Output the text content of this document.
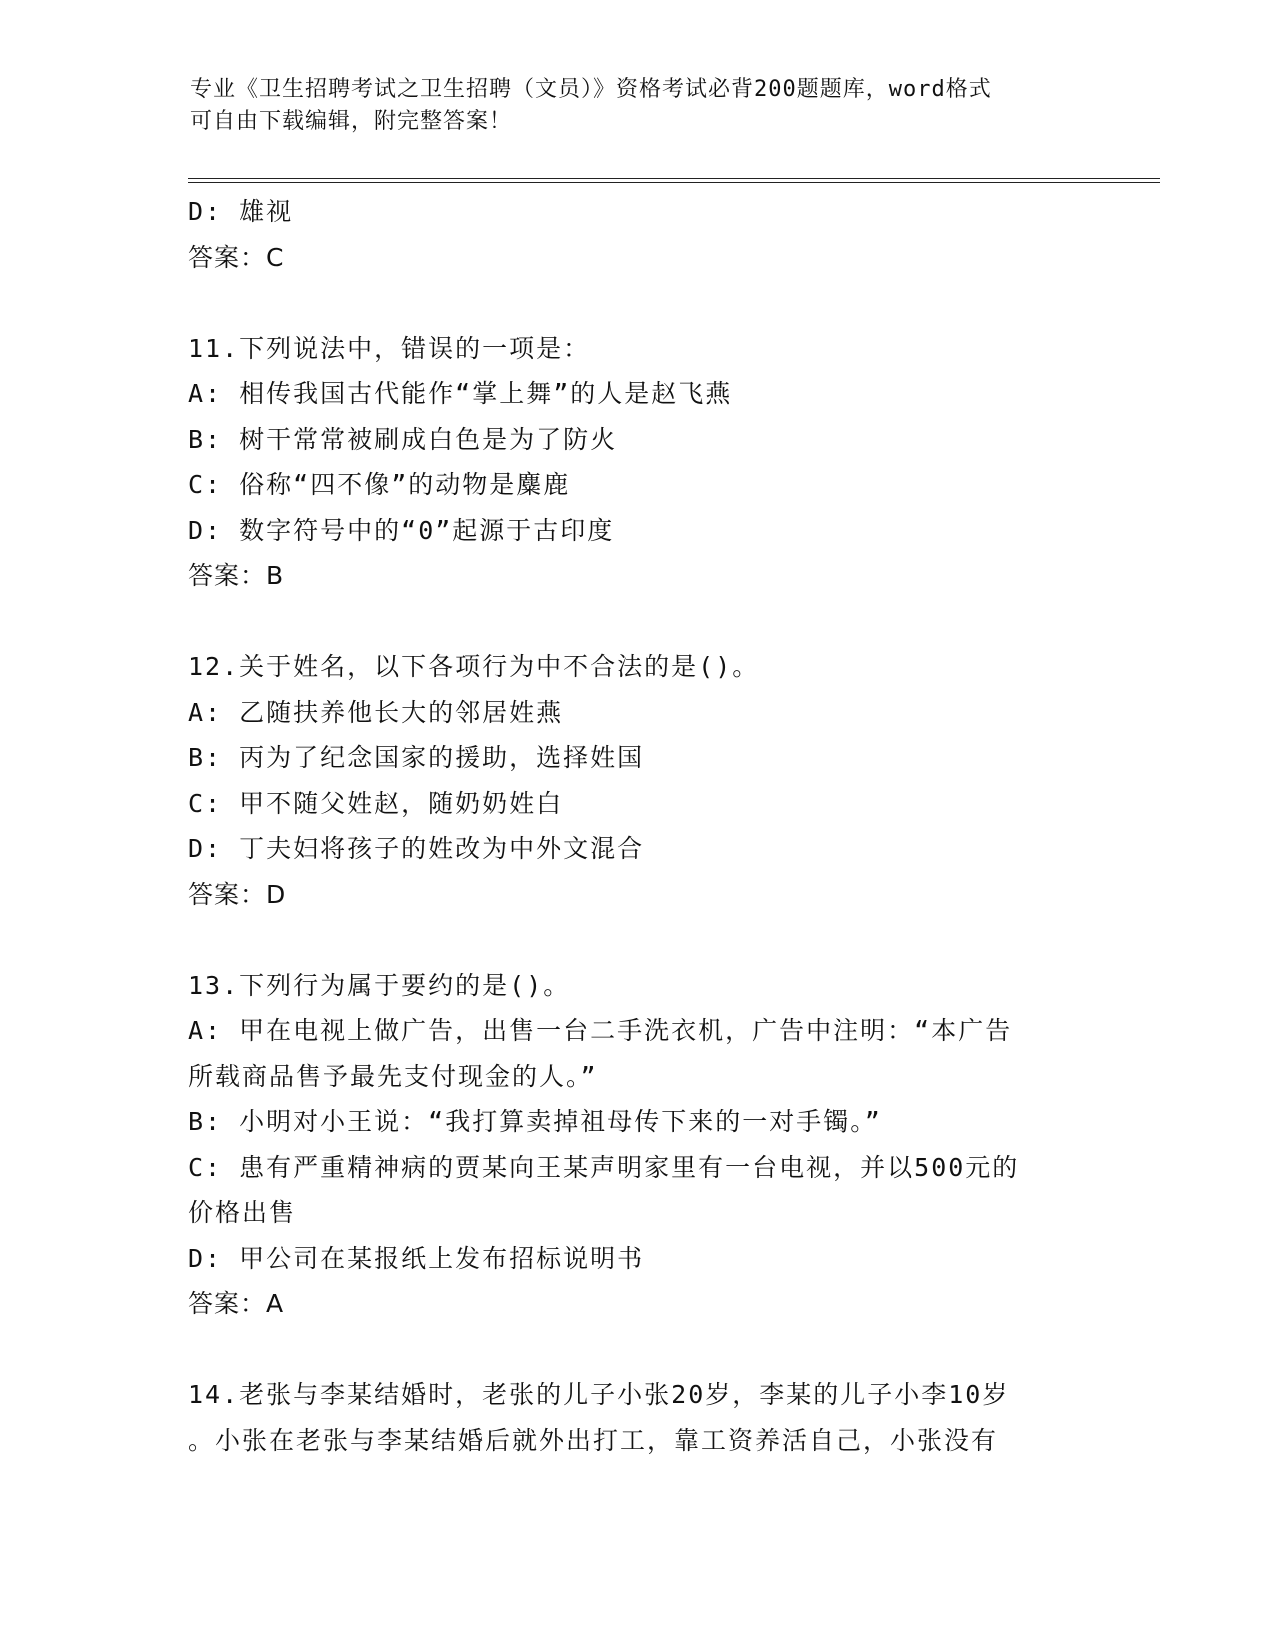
专业《卫生招聘考试之卫生招聘（文员）》资格考试必背200题题库，word格式
可自由下载编辑，附完整答案！
D: 雄视
答案：C
11.下列说法中，错误的一项是：
A: 相传我国古代能作“掌上舞”的人是赵飞燕
B: 树干常常被刷成白色是为了防火
C: 俗称“四不像”的动物是麋鹿
D: 数字符号中的“0”起源于古印度
答案：B
12.关于姓名，以下各项行为中不合法的是()。
A: 乙随扶养他长大的邻居姓燕
B: 丙为了纪念国家的援助，选择姓国
C: 甲不随父姓赵，随奶奶姓白
D: 丁夫妇将孩子的姓改为中外文混合
答案：D
13.下列行为属于要约的是()。
A: 甲在电视上做广告，出售一台二手洗衣机，广告中注明：“本广告
所载商品售予最先支付现金的人。”
B: 小明对小王说：“我打算卖掉祖母传下来的一对手镯。”
C: 患有严重精神病的贾某向王某声明家里有一台电视，并以500元的
价格出售
D: 甲公司在某报纸上发布招标说明书
答案：A
14.老张与李某结婚时，老张的儿子小张20岁，李某的儿子小李10岁
。小张在老张与李某结婚后就外出打工，靠工资养活自己，小张没有
